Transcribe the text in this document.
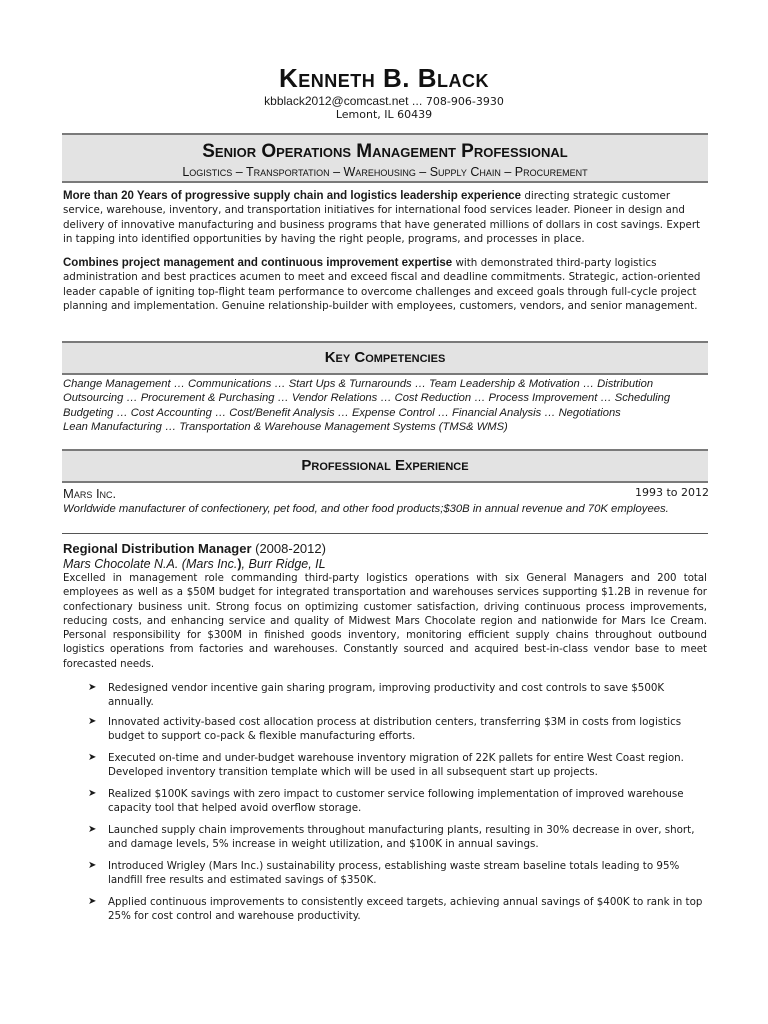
Kenneth B. Black
kbblack2012@comcast.net ... 708-906-3930
Lemont, IL 60439
Senior Operations Management Professional
Logistics – Transportation – Warehousing – Supply Chain – Procurement
More than 20 Years of progressive supply chain and logistics leadership experience directing strategic customer service, warehouse, inventory, and transportation initiatives for international food services leader. Pioneer in design and delivery of innovative manufacturing and business programs that have generated millions of dollars in cost savings. Expert in tapping into identified opportunities by having the right people, programs, and processes in place.
Combines project management and continuous improvement expertise with demonstrated third-party logistics administration and best practices acumen to meet and exceed fiscal and deadline commitments. Strategic, action-oriented leader capable of igniting top-flight team performance to overcome challenges and exceed goals through full-cycle project planning and implementation. Genuine relationship-builder with employees, customers, vendors, and senior management.
Key Competencies
Change Management … Communications … Start Ups & Turnarounds … Team Leadership & Motivation … Distribution
Outsourcing … Procurement & Purchasing … Vendor Relations … Cost Reduction … Process Improvement … Scheduling
Budgeting … Cost Accounting … Cost/Benefit Analysis … Expense Control … Financial Analysis … Negotiations
Lean Manufacturing … Transportation & Warehouse Management Systems (TMS& WMS)
Professional Experience
Mars Inc.	1993 to 2012
Worldwide manufacturer of confectionery, pet food, and other food products;$30B in annual revenue and 70K employees.
Regional Distribution Manager (2008-2012)
Mars Chocolate N.A. (Mars Inc.), Burr Ridge, IL
Excelled in management role commanding third-party logistics operations with six General Managers and 200 total employees as well as a $50M budget for integrated transportation and warehouses services supporting $1.2B in revenue for confectionary business unit. Strong focus on optimizing customer satisfaction, driving continuous process improvements, reducing costs, and enhancing service and quality of Midwest Mars Chocolate region and nationwide for Mars Ice Cream. Personal responsibility for $300M in finished goods inventory, monitoring efficient supply chains throughout outbound logistics operations from factories and warehouses. Constantly sourced and acquired best-in-class vendor base to meet forecasted needs.
➤ Redesigned vendor incentive gain sharing program, improving productivity and cost controls to save $500K annually.
➤ Innovated activity-based cost allocation process at distribution centers, transferring $3M in costs from logistics budget to support co-pack & flexible manufacturing efforts.
➤ Executed on-time and under-budget warehouse inventory migration of 22K pallets for entire West Coast region. Developed inventory transition template which will be used in all subsequent start up projects.
➤ Realized $100K savings with zero impact to customer service following implementation of improved warehouse capacity tool that helped avoid overflow storage.
➤ Launched supply chain improvements throughout manufacturing plants, resulting in 30% decrease in over, short, and damage levels, 5% increase in weight utilization, and $100K in annual savings.
➤ Introduced Wrigley (Mars Inc.) sustainability process, establishing waste stream baseline totals leading to 95% landfill free results and estimated savings of $350K.
➤ Applied continuous improvements to consistently exceed targets, achieving annual savings of $400K to rank in top 25% for cost control and warehouse productivity.
